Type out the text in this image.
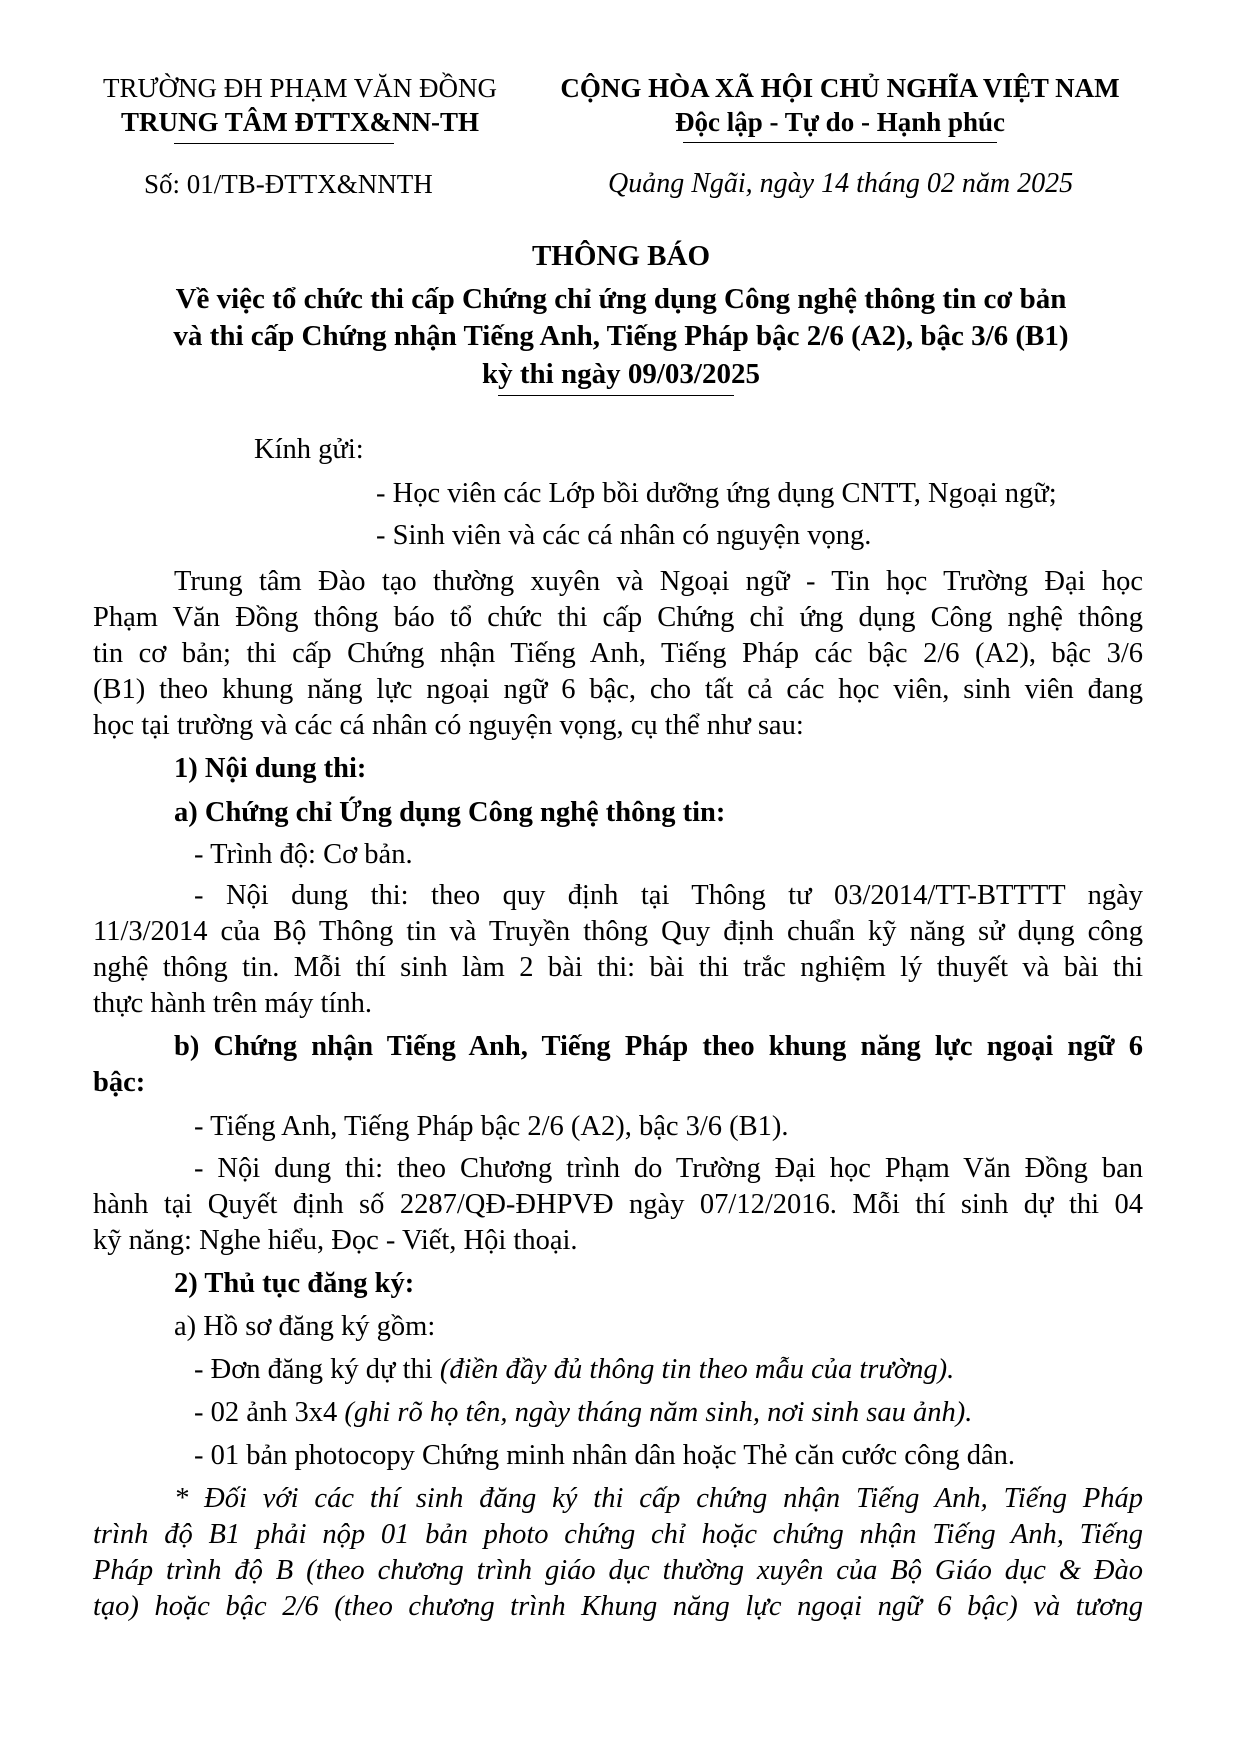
TRƯỜNG ĐH PHẠM VĂN ĐỒNG
TRUNG TÂM ĐTTX&NN-TH
CỘNG HÒA XÃ HỘI CHỦ NGHĨA VIỆT NAM
Độc lập - Tự do - Hạnh phúc
Số: 01/TB-ĐTTX&NNTH	Quảng Ngãi, ngày 14 tháng 02 năm 2025
THÔNG BÁO
Về việc tổ chức thi cấp Chứng chỉ ứng dụng Công nghệ thông tin cơ bản
và thi cấp Chứng nhận Tiếng Anh, Tiếng Pháp bậc 2/6 (A2), bậc 3/6 (B1)
kỳ thi ngày 09/03/2025
Kính gửi:
- Học viên các Lớp bồi dưỡng ứng dụng CNTT, Ngoại ngữ;
- Sinh viên và các cá nhân có nguyện vọng.
Trung tâm Đào tạo thường xuyên và Ngoại ngữ - Tin học Trường Đại học
Phạm Văn Đồng thông báo tổ chức thi cấp Chứng chỉ ứng dụng Công nghệ thông
tin cơ bản; thi cấp Chứng nhận Tiếng Anh, Tiếng Pháp các bậc 2/6 (A2), bậc 3/6
(B1) theo khung năng lực ngoại ngữ 6 bậc, cho tất cả các học viên, sinh viên đang
học tại trường và các cá nhân có nguyện vọng, cụ thể như sau:
1) Nội dung thi:
a) Chứng chỉ Ứng dụng Công nghệ thông tin:
- Trình độ: Cơ bản.
- Nội dung thi: theo quy định tại Thông tư 03/2014/TT-BTTTT ngày
11/3/2014 của Bộ Thông tin và Truyền thông Quy định chuẩn kỹ năng sử dụng công
nghệ thông tin. Mỗi thí sinh làm 2 bài thi: bài thi trắc nghiệm lý thuyết và bài thi
thực hành trên máy tính.
b) Chứng nhận Tiếng Anh, Tiếng Pháp theo khung năng lực ngoại ngữ 6
bậc:
- Tiếng Anh, Tiếng Pháp bậc 2/6 (A2), bậc 3/6 (B1).
- Nội dung thi: theo Chương trình do Trường Đại học Phạm Văn Đồng ban
hành tại Quyết định số 2287/QĐ-ĐHPVĐ ngày 07/12/2016. Mỗi thí sinh dự thi 04
kỹ năng: Nghe hiểu, Đọc - Viết, Hội thoại.
2) Thủ tục đăng ký:
a) Hồ sơ đăng ký gồm:
- Đơn đăng ký dự thi (điền đầy đủ thông tin theo mẫu của trường).
- 02 ảnh 3x4 (ghi rõ họ tên, ngày tháng năm sinh, nơi sinh sau ảnh).
- 01 bản photocopy Chứng minh nhân dân hoặc Thẻ căn cước công dân.
* Đối với các thí sinh đăng ký thi cấp chứng nhận Tiếng Anh, Tiếng Pháp
trình độ B1 phải nộp 01 bản photo chứng chỉ hoặc chứng nhận Tiếng Anh, Tiếng
Pháp trình độ B (theo chương trình giáo dục thường xuyên của Bộ Giáo dục & Đào
tạo) hoặc bậc 2/6 (theo chương trình Khung năng lực ngoại ngữ 6 bậc) và tương
